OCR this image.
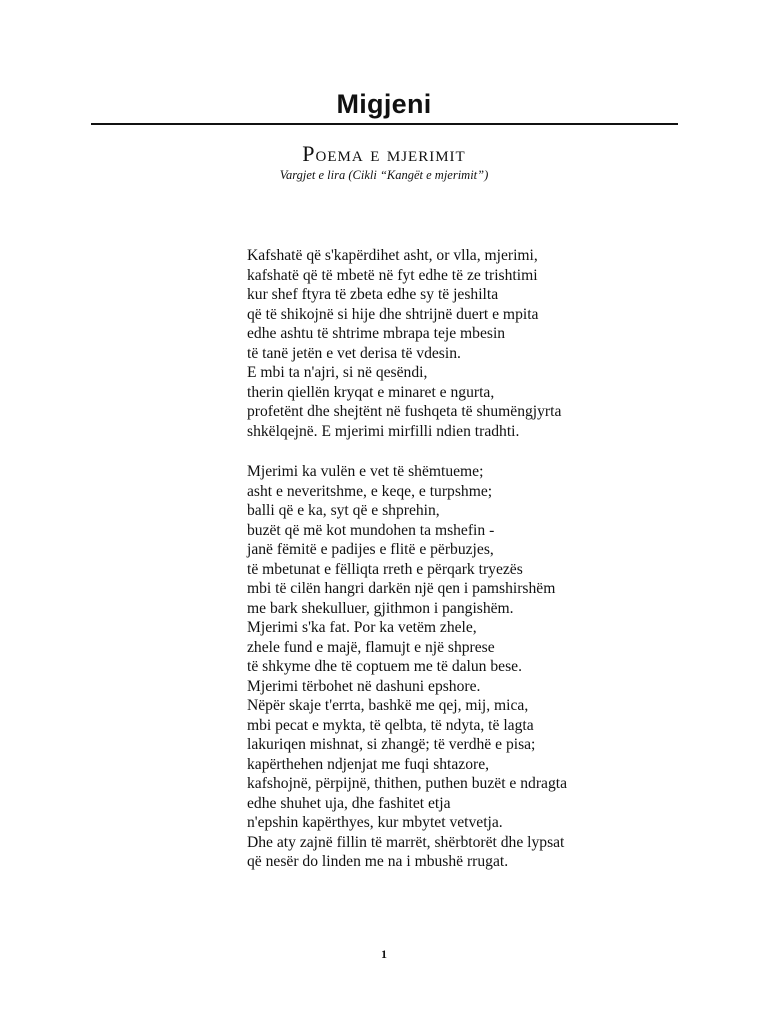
Migjeni
Poema e mjerimit
Vargjet e lira (Cikli “Kangët e mjerimit”)
Kafshatë që s'kapërdihet asht, or vlla, mjerimi,
kafshatë që të mbetë në fyt edhe të ze trishtimi
kur shef ftyra të zbeta edhe sy të jeshilta
që të shikojnë si hije dhe shtrijnë duert e mpita
edhe ashtu të shtrime mbrapa teje mbesin
të tanë jetën e vet derisa të vdesin.
E mbi ta n'ajri, si në qesëndi,
therin qiellën kryqat e minaret e ngurta,
profetënt dhe shejtënt në fushqeta të shumëngjyrta
shkëlqejnë. E mjerimi mirfilli ndien tradhti.
Mjerimi ka vulën e vet të shëmtueme;
asht e neveritshme, e keqe, e turpshme;
balli që e ka, syt që e shprehin,
buzët që më kot mundohen ta mshefin -
janë fëmitë e padijes e flitë e përbuzjes,
të mbetunat e fëlliqta rreth e përqark tryezës
mbi të cilën hangri darkën një qen i pamshirshëm
me bark shekulluer, gjithmon i pangishëm.
Mjerimi s'ka fat. Por ka vetëm zhele,
zhele fund e majë, flamujt e një shprese
të shkyme dhe të coptuem me të dalun bese.
Mjerimi tërbohet në dashuni epshore.
Nëpër skaje t'errta, bashkë me qej, mij, mica,
mbi pecat e mykta, të qelbta, të ndyta, të lagta
lakuriqen mishnat, si zhangë; të verdhë e pisa;
kapërthehen ndjenjat me fuqi shtazore,
kafshojnë, përpijnë, thithen, puthen buzët e ndragta
edhe shuhet uja, dhe fashitet etja
n'epshin kapërthyes, kur mbytet vetvetja.
Dhe aty zajnë fillin të marrët, shërbtorët dhe lypsat
që nesër do linden me na i mbushë rrugat.
1
